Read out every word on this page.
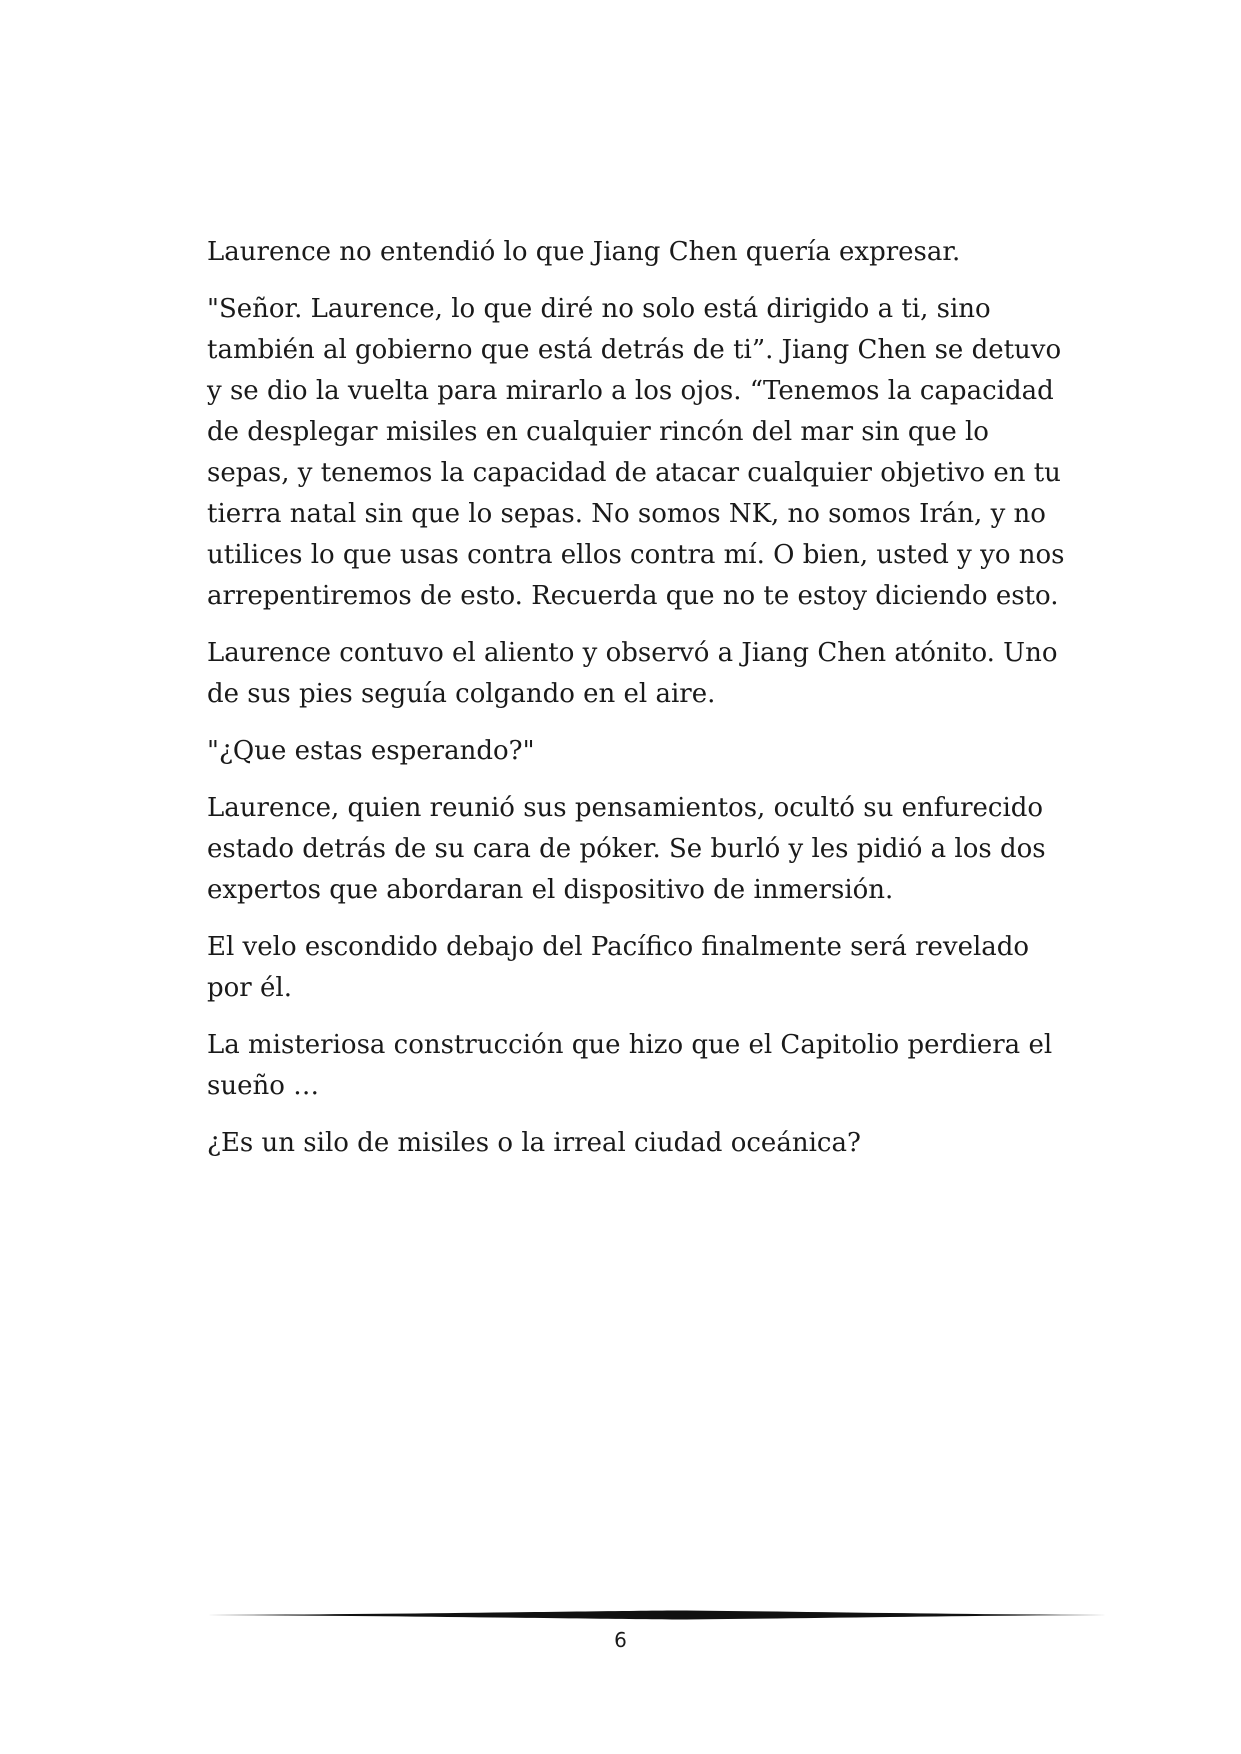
Laurence no entendió lo que Jiang Chen quería expresar.

"Señor. Laurence, lo que diré no solo está dirigido a ti, sino también al gobierno que está detrás de ti”. Jiang Chen se detuvo y se dio la vuelta para mirarlo a los ojos. “Tenemos la capacidad de desplegar misiles en cualquier rincón del mar sin que lo sepas, y tenemos la capacidad de atacar cualquier objetivo en tu tierra natal sin que lo sepas. No somos NK, no somos Irán, y no utilices lo que usas contra ellos contra mí. O bien, usted y yo nos arrepentiremos de esto. Recuerda que no te estoy diciendo esto.

Laurence contuvo el aliento y observó a Jiang Chen atónito. Uno de sus pies seguía colgando en el aire.

"¿Que estas esperando?"

Laurence, quien reunió sus pensamientos, ocultó su enfurecido estado detrás de su cara de póker. Se burló y les pidió a los dos expertos que abordaran el dispositivo de inmersión.

El velo escondido debajo del Pacífico finalmente será revelado por él.

La misteriosa construcción que hizo que el Capitolio perdiera el sueño …

¿Es un silo de misiles o la irreal ciudad oceánica?

6
